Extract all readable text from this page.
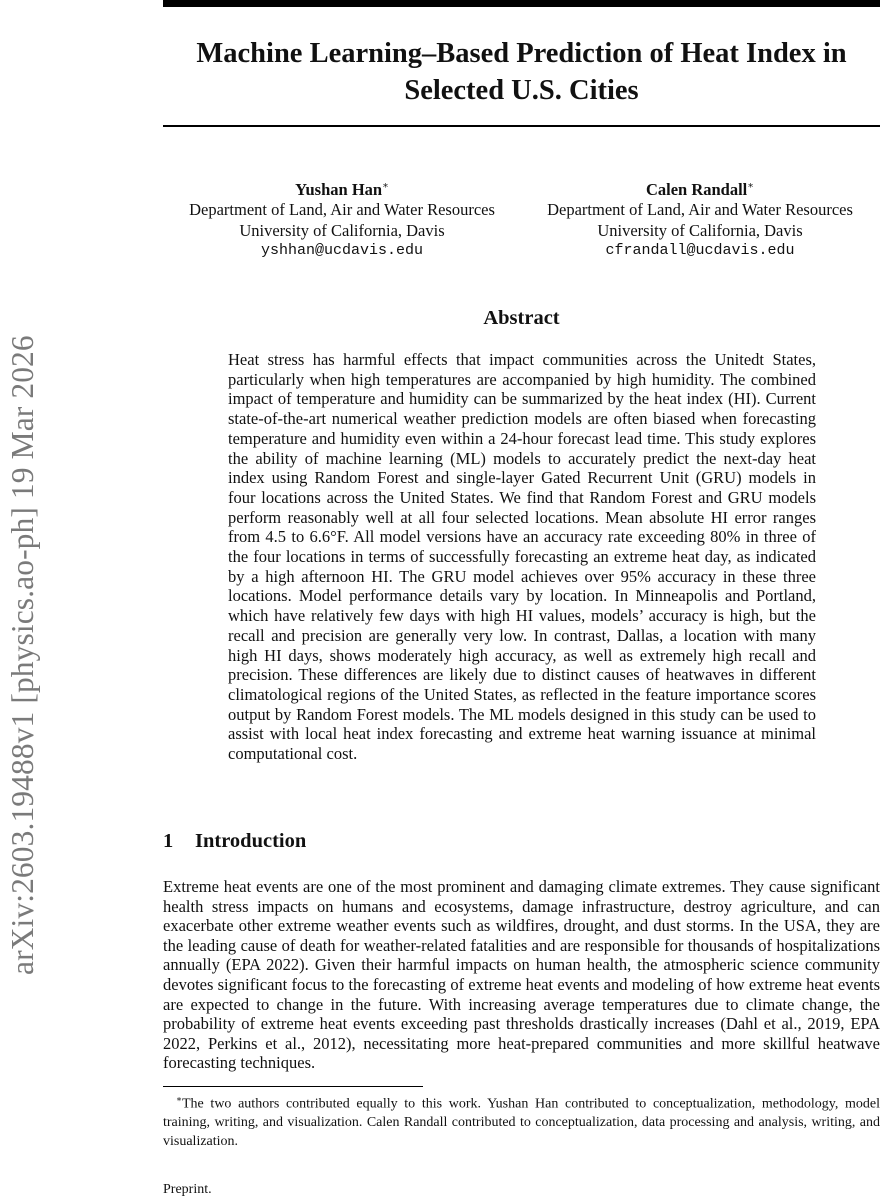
arXiv:2603.19488v1 [physics.ao-ph] 19 Mar 2026
Machine Learning–Based Prediction of Heat Index in Selected U.S. Cities
Yushan Han∗
Department of Land, Air and Water Resources
University of California, Davis
yshhan@ucdavis.edu
Calen Randall∗
Department of Land, Air and Water Resources
University of California, Davis
cfrandall@ucdavis.edu
Abstract

Heat stress has harmful effects that impact communities across the Unitedt States, particularly when high temperatures are accompanied by high humidity. The combined impact of temperature and humidity can be summarized by the heat index (HI). Current state-of-the-art numerical weather prediction models are often biased when forecasting temperature and humidity even within a 24-hour forecast lead time. This study explores the ability of machine learning (ML) models to accurately predict the next-day heat index using Random Forest and single-layer Gated Recurrent Unit (GRU) models in four locations across the United States. We find that Random Forest and GRU models perform reasonably well at all four selected locations. Mean absolute HI error ranges from 4.5 to 6.6°F. All model versions have an accuracy rate exceeding 80% in three of the four locations in terms of successfully forecasting an extreme heat day, as indicated by a high afternoon HI. The GRU model achieves over 95% accuracy in these three locations. Model performance details vary by location. In Minneapolis and Portland, which have relatively few days with high HI values, models’ accuracy is high, but the recall and precision are generally very low. In contrast, Dallas, a location with many high HI days, shows moderately high accuracy, as well as extremely high recall and precision. These differences are likely due to distinct causes of heatwaves in different climatological regions of the United States, as reflected in the feature importance scores output by Random Forest models. The ML models designed in this study can be used to assist with local heat index forecasting and extreme heat warning issuance at minimal computational cost.

1 Introduction

Extreme heat events are one of the most prominent and damaging climate extremes. They cause significant health stress impacts on humans and ecosystems, damage infrastructure, destroy agriculture, and can exacerbate other extreme weather events such as wildfires, drought, and dust storms. In the USA, they are the leading cause of death for weather-related fatalities and are responsible for thousands of hospitalizations annually (EPA 2022). Given their harmful impacts on human health, the atmospheric science community devotes significant focus to the forecasting of extreme heat events and modeling of how extreme heat events are expected to change in the future. With increasing average temperatures due to climate change, the probability of extreme heat events exceeding past thresholds drastically increases (Dahl et al., 2019, EPA 2022, Perkins et al., 2012), necessitating more heat-prepared communities and more skillful heatwave forecasting techniques.

∗The two authors contributed equally to this work. Yushan Han contributed to conceptualization, methodology, model training, writing, and visualization. Calen Randall contributed to conceptualization, data processing and analysis, writing, and visualization.

Preprint.
